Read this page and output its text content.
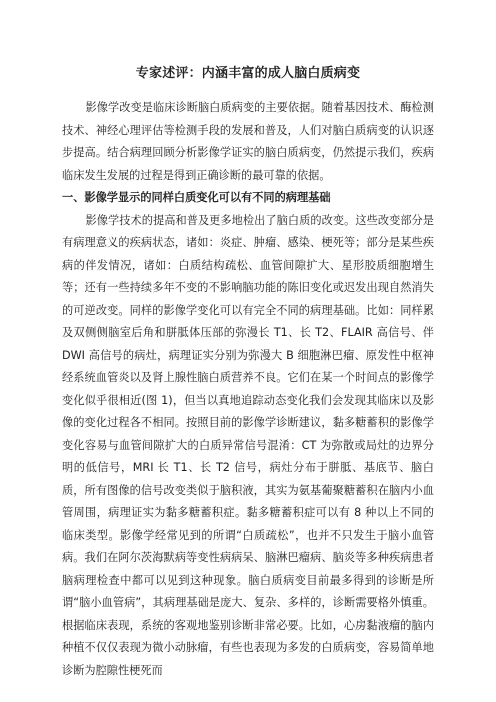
专家述评：内涵丰富的成人脑白质病变

影像学改变是临床诊断脑白质病变的主要依据。随着基因技术、酶检测技术、神经心理评估等检测手段的发展和普及，人们对脑白质病变的认识逐步提高。结合病理回顾分析影像学证实的脑白质病变，仍然提示我们，疾病临床发生发展的过程是得到正确诊断的最可靠的依据。

一、影像学显示的同样白质变化可以有不同的病理基础

影像学技术的提高和普及更多地检出了脑白质的改变。这些改变部分是有病理意义的疾病状态，诸如：炎症、肿瘤、感染、梗死等；部分是某些疾病的伴发情况，诸如：白质结构疏松、血管间隙扩大、星形胶质细胞增生等；还有一些持续多年不变的不影响脑功能的陈旧变化或迟发出现自然消失的可逆改变。同样的影像学变化可以有完全不同的病理基础。比如：同样累及双侧侧脑室后角和胼胝体压部的弥漫长 T1、长 T2、FLAIR 高信号、伴 DWI 高信号的病灶，病理证实分别为弥漫大 B 细胞淋巴瘤、原发性中枢神经系统血管炎以及肾上腺性脑白质营养不良。它们在某一个时间点的影像学变化似乎很相近(图 1)，但当以真地追踪动态变化我们会发现其临床以及影像的变化过程各不相同。按照目前的影像学诊断建议，黏多糖蓄积的影像学变化容易与血管间隙扩大的白质异常信号混淆：CT 为弥散或局灶的边界分明的低信号，MRI 长 T1、长 T2 信号，病灶分布于胼胝、基底节、脑白质，所有图像的信号改变类似于脑积液，其实为氨基葡聚糖蓄积在脑内小血管周围，病理证实为黏多糖蓄积症。黏多糖蓄积症可以有 8 种以上不同的临床类型。影像学经常见到的所谓“白质疏松”，也并不只发生于脑小血管病。我们在阿尔茨海默病等变性病病呆、脑淋巴瘤病、脑炎等多种疾病患者脑病理检查中都可以见到这种现象。脑白质病变目前最多得到的诊断是所谓“脑小血管病”，其病理基础是庞大、复杂、多样的，诊断需要格外慎重。根据临床表现，系统的客观地鉴别诊断非常必要。比如，心房黏液瘤的脑内种植不仅仅表现为微小动脉瘤，有些也表现为多发的白质病变，容易简单地诊断为腔隙性梗死而
